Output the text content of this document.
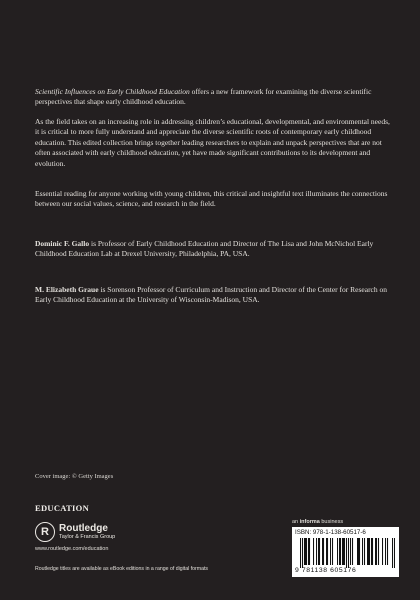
Scientific Influences on Early Childhood Education offers a new framework for examining the diverse scientific perspectives that shape early childhood education.

As the field takes on an increasing role in addressing children’s educational, developmental, and environmental needs, it is critical to more fully understand and appreciate the diverse scientific roots of contemporary early childhood education. This edited collection brings together leading researchers to explain and unpack perspectives that are not often associated with early childhood education, yet have made significant contributions to its development and evolution.

Essential reading for anyone working with young children, this critical and insightful text illuminates the connections between our social values, science, and research in the field.

Dominic F. Gallo is Professor of Early Childhood Education and Director of The Lisa and John McNichol Early Childhood Education Lab at Drexel University, Philadelphia, PA, USA.

M. Elizabeth Graue is Sorenson Professor of Curriculum and Instruction and Director of the Center for Research on Early Childhood Education at the University of Wisconsin-Madison, USA.

Cover image: © Getty Images
EDUCATION
R Routledge
Taylor & Francis Group
www.routledge.com/education
Routledge titles are available as eBook editions in a range of digital formats
an informa business
ISBN: 978-1-138-60517-6
9 781138 605176
